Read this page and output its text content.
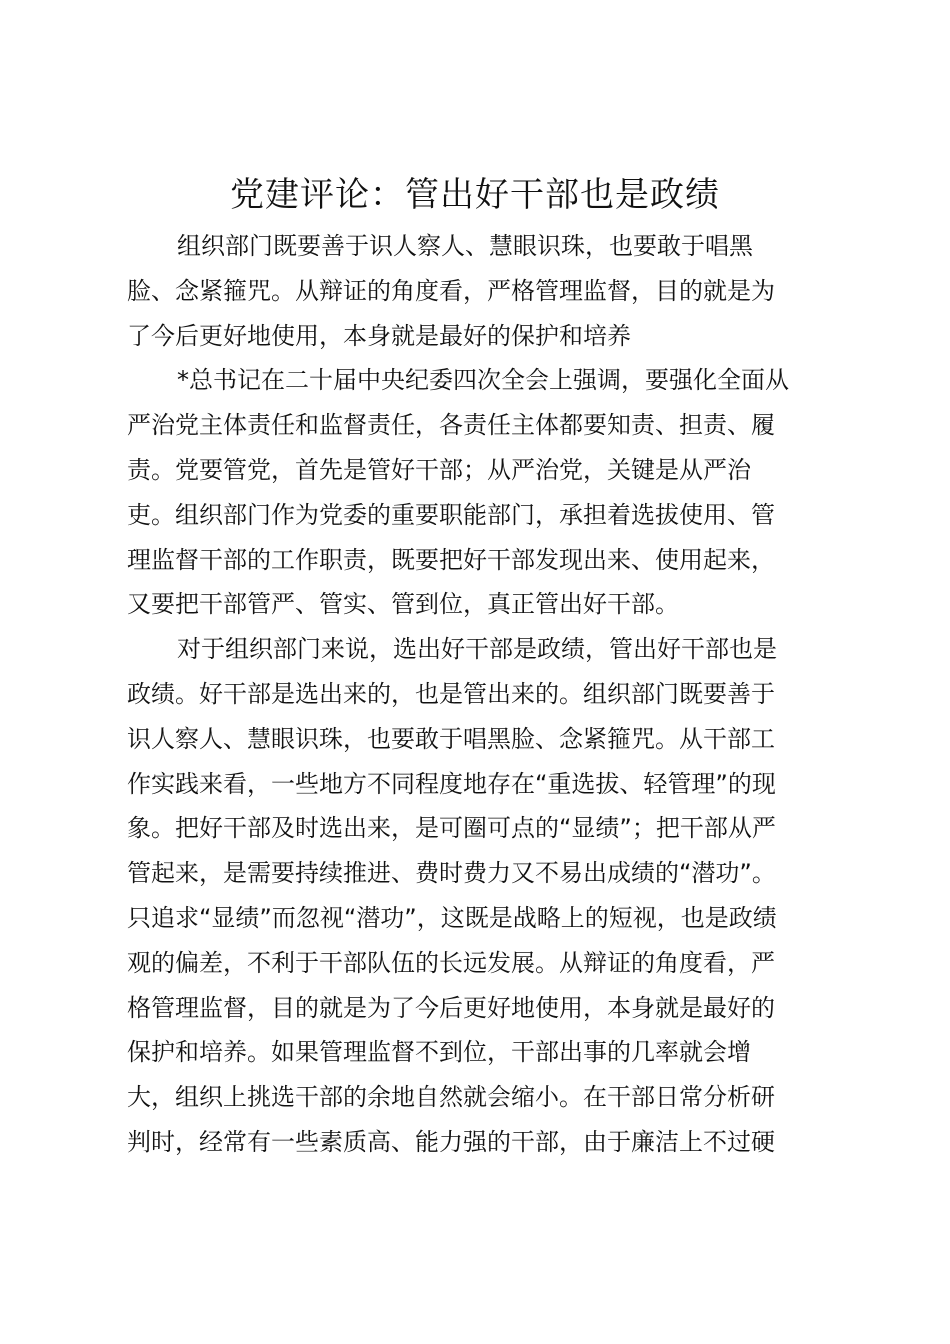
党建评论：管出好干部也是政绩

组织部门既要善于识人察人、慧眼识珠，也要敢于唱黑
脸、念紧箍咒。从辩证的角度看，严格管理监督，目的就是为
了今后更好地使用，本身就是最好的保护和培养

*总书记在二十届中央纪委四次全会上强调，要强化全面从
严治党主体责任和监督责任，各责任主体都要知责、担责、履
责。党要管党，首先是管好干部；从严治党，关键是从严治
吏。组织部门作为党委的重要职能部门，承担着选拔使用、管
理监督干部的工作职责，既要把好干部发现出来、使用起来，
又要把干部管严、管实、管到位，真正管出好干部。

对于组织部门来说，选出好干部是政绩，管出好干部也是
政绩。好干部是选出来的，也是管出来的。组织部门既要善于
识人察人、慧眼识珠，也要敢于唱黑脸、念紧箍咒。从干部工
作实践来看，一些地方不同程度地存在“重选拔、轻管理”的现
象。把好干部及时选出来，是可圈可点的“显绩”；把干部从严
管起来，是需要持续推进、费时费力又不易出成绩的“潜功”。
只追求“显绩”而忽视“潜功”，这既是战略上的短视，也是政绩
观的偏差，不利于干部队伍的长远发展。从辩证的角度看，严
格管理监督，目的就是为了今后更好地使用，本身就是最好的
保护和培养。如果管理监督不到位，干部出事的几率就会增
大，组织上挑选干部的余地自然就会缩小。在干部日常分析研
判时，经常有一些素质高、能力强的干部，由于廉洁上不过硬
